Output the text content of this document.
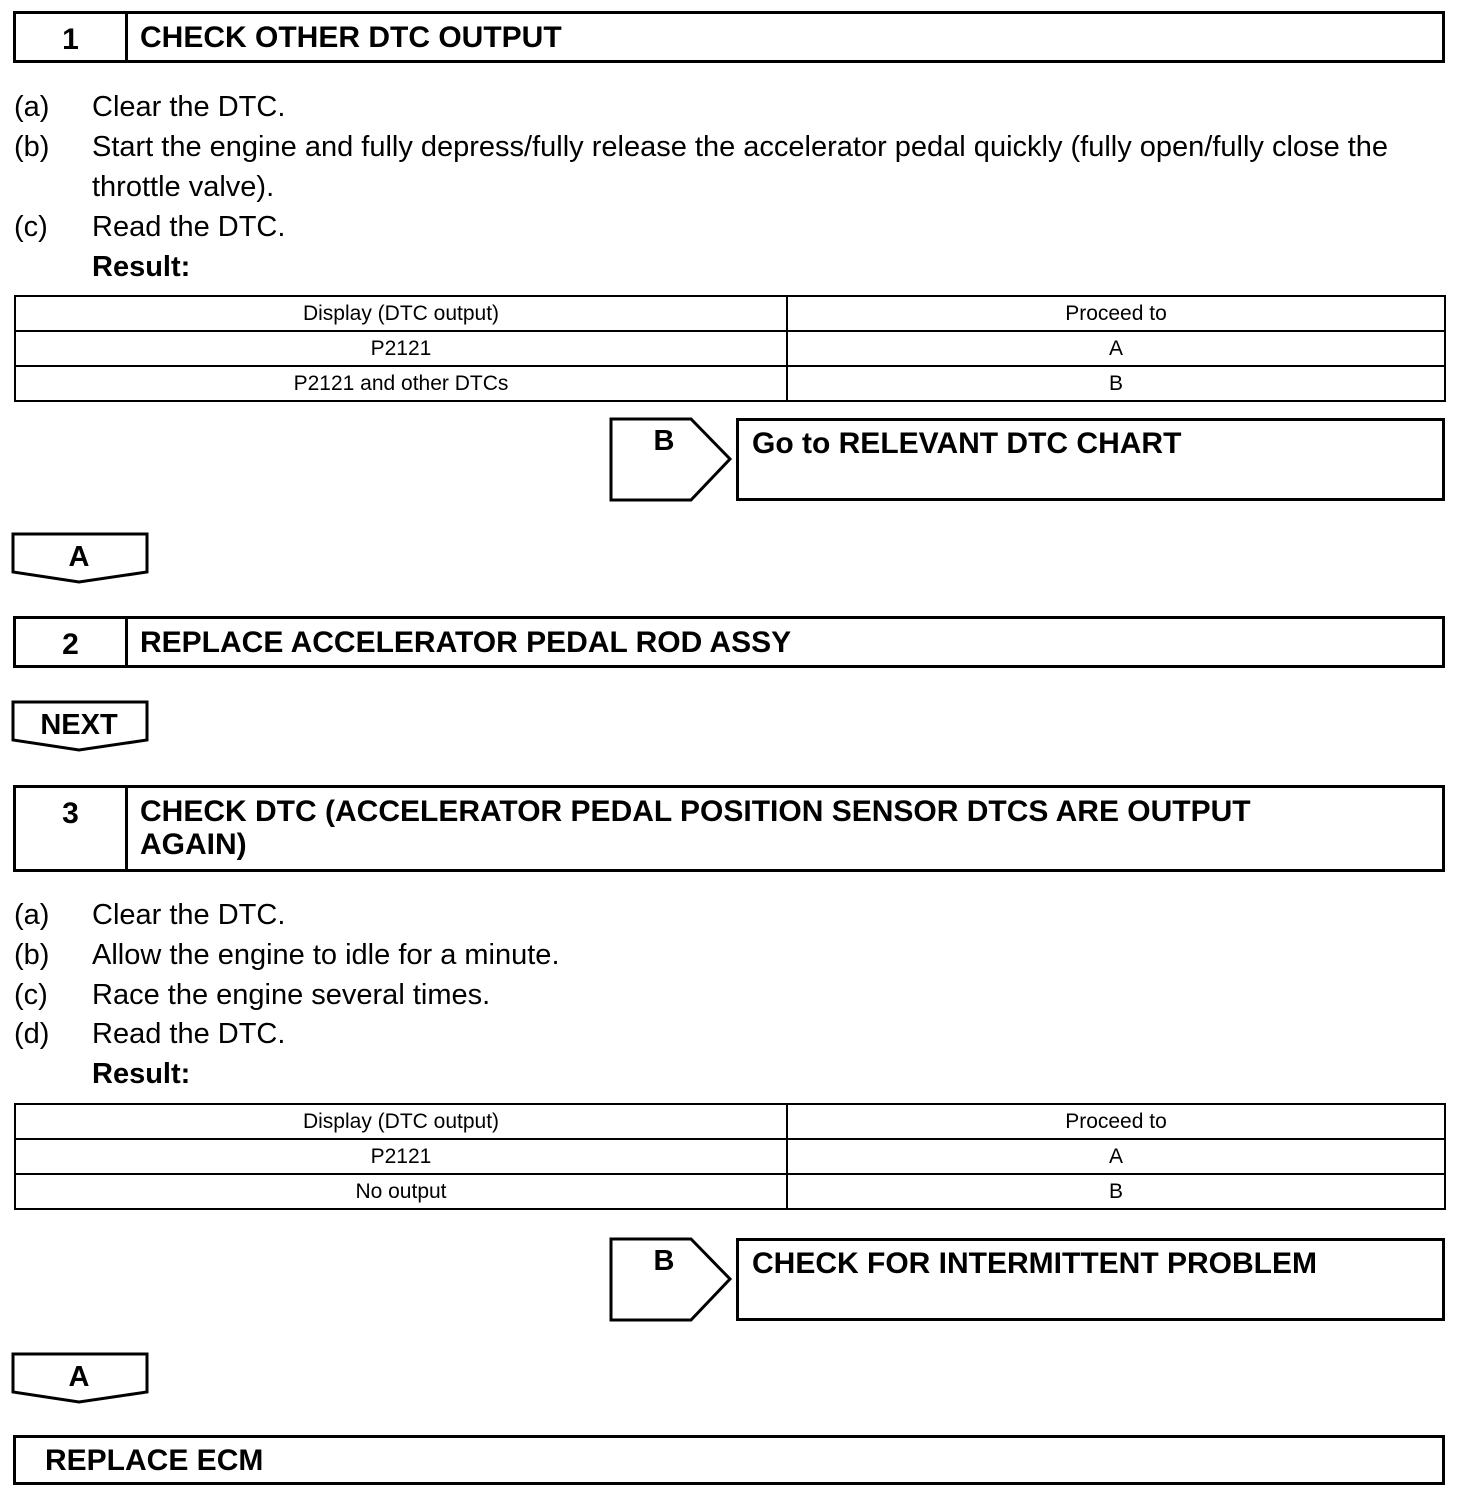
1	CHECK OTHER DTC OUTPUT
(a) Clear the DTC.
(b) Start the engine and fully depress/fully release the accelerator pedal quickly (fully open/fully close the
throttle valve).
(c) Read the DTC.
Result:
Display (DTC output)	Proceed to
P2121	A
P2121 and other DTCs	B
B	Go to RELEVANT DTC CHART
A
2	REPLACE ACCELERATOR PEDAL ROD ASSY
NEXT
3	CHECK DTC (ACCELERATOR PEDAL POSITION SENSOR DTCS ARE OUTPUT
AGAIN)
(a) Clear the DTC.
(b) Allow the engine to idle for a minute.
(c) Race the engine several times.
(d) Read the DTC.
Result:
Display (DTC output)	Proceed to
P2121	A
No output	B
B	CHECK FOR INTERMITTENT PROBLEM
A
REPLACE ECM
